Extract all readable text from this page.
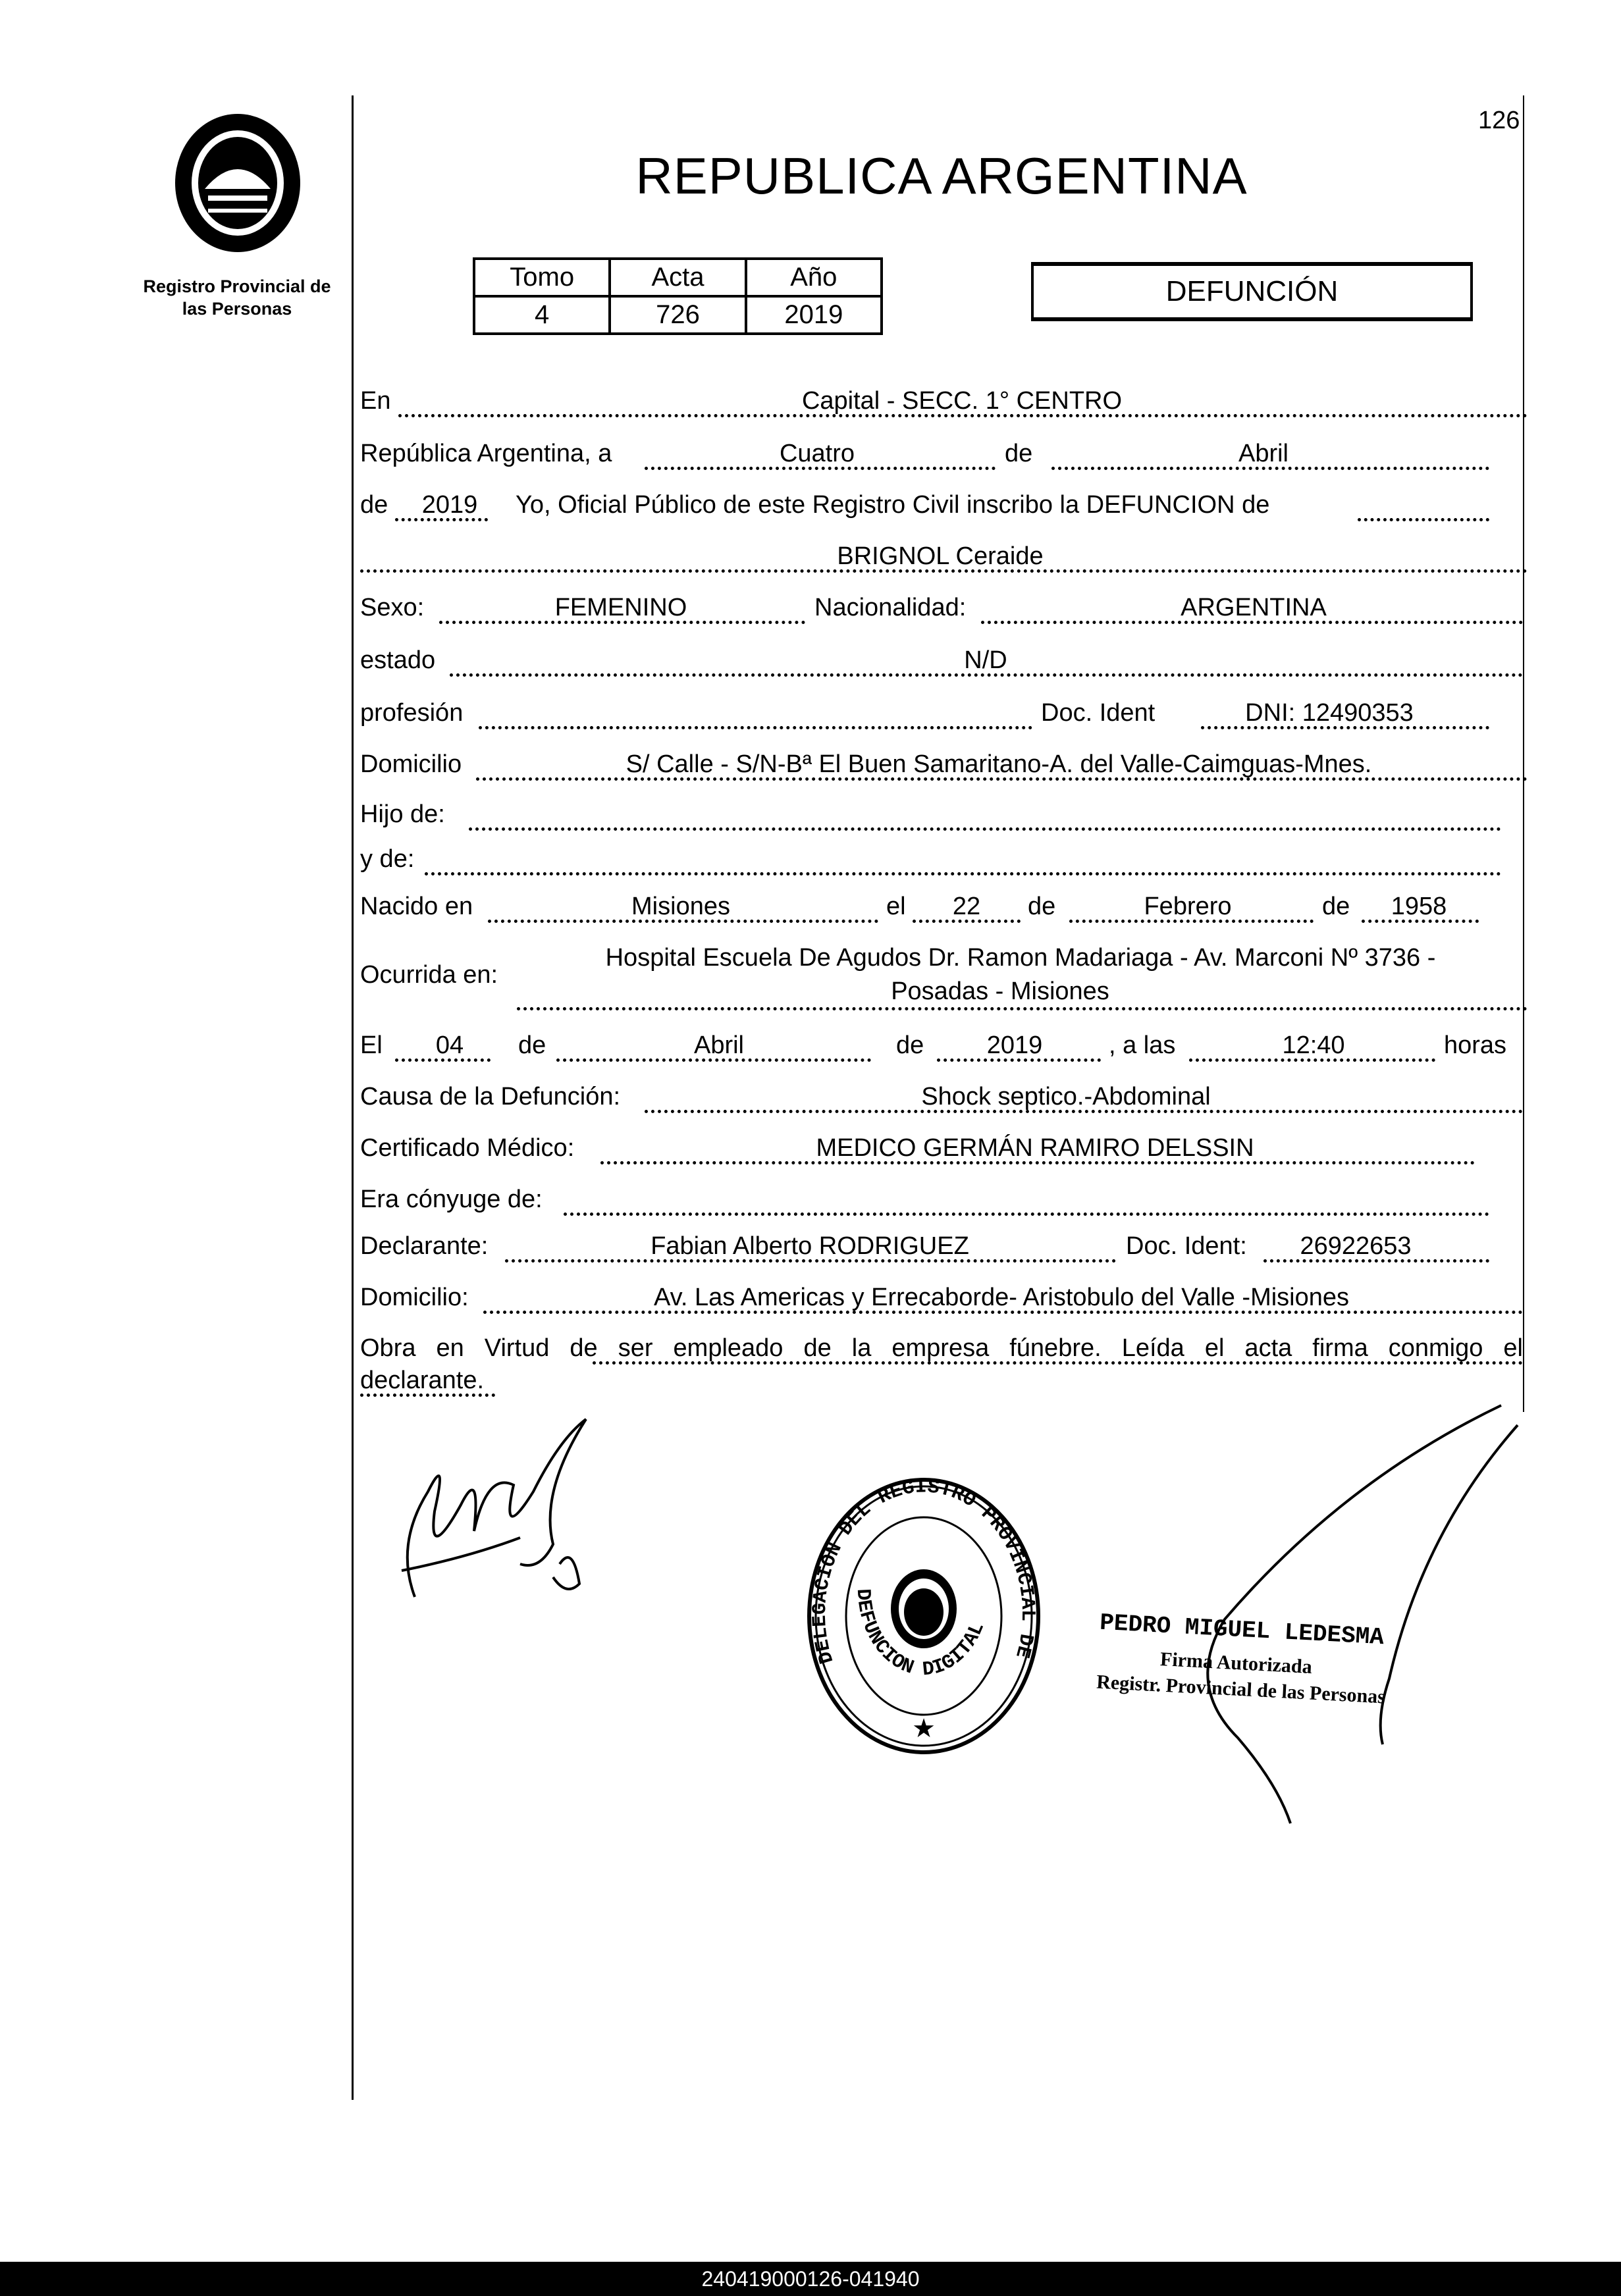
Registro Provincial de
las Personas
126
REPUBLICA ARGENTINA
Tomo	Acta	Año
4	726	2019
DEFUNCIÓN
En	Capital - SECC. 1° CENTRO
República Argentina, a	Cuatro	de	Abril
de 2019 Yo, Oficial Público de este Registro Civil inscribo la DEFUNCION de
BRIGNOL Ceraide
Sexo:	FEMENINO	Nacionalidad:	ARGENTINA
estado	N/D
profesión	Doc. Ident	DNI: 12490353
Domicilio	S/ Calle - S/N-Bª El Buen Samaritano-A. del Valle-Caimguas-Mnes.
Hijo de:
y de:
Nacido en	Misiones	el 22 de	Febrero	de 1958
Ocurrida en:
Hospital Escuela De Agudos Dr. Ramon Madariaga - Av. Marconi Nº 3736 -
Posadas - Misiones
El 04 de	Abril	de	2019	, a las	12:40	horas
Causa de la Defunción:	Shock septico.-Abdominal
Certificado Médico:	MEDICO GERMÁN RAMIRO DELSSIN
Era cónyuge de:
Declarante:	Fabian Alberto RODRIGUEZ	Doc. Ident: 26922653
Domicilio:	Av. Las Americas y Errecaborde- Aristobulo del Valle -Misiones
Obra en Virtud de ser empleado de la empresa fúnebre. Leída el acta firma conmigo el
declarante.
DELEGACION DEL REGISTRO PROVINCIAL DE LAS PERSONAS
DEFUNCION DIGITAL
★
PEDRO MIGUEL LEDESMA
Firma Autorizada
Registr. Provincial de las Personas
240419000126-041940
